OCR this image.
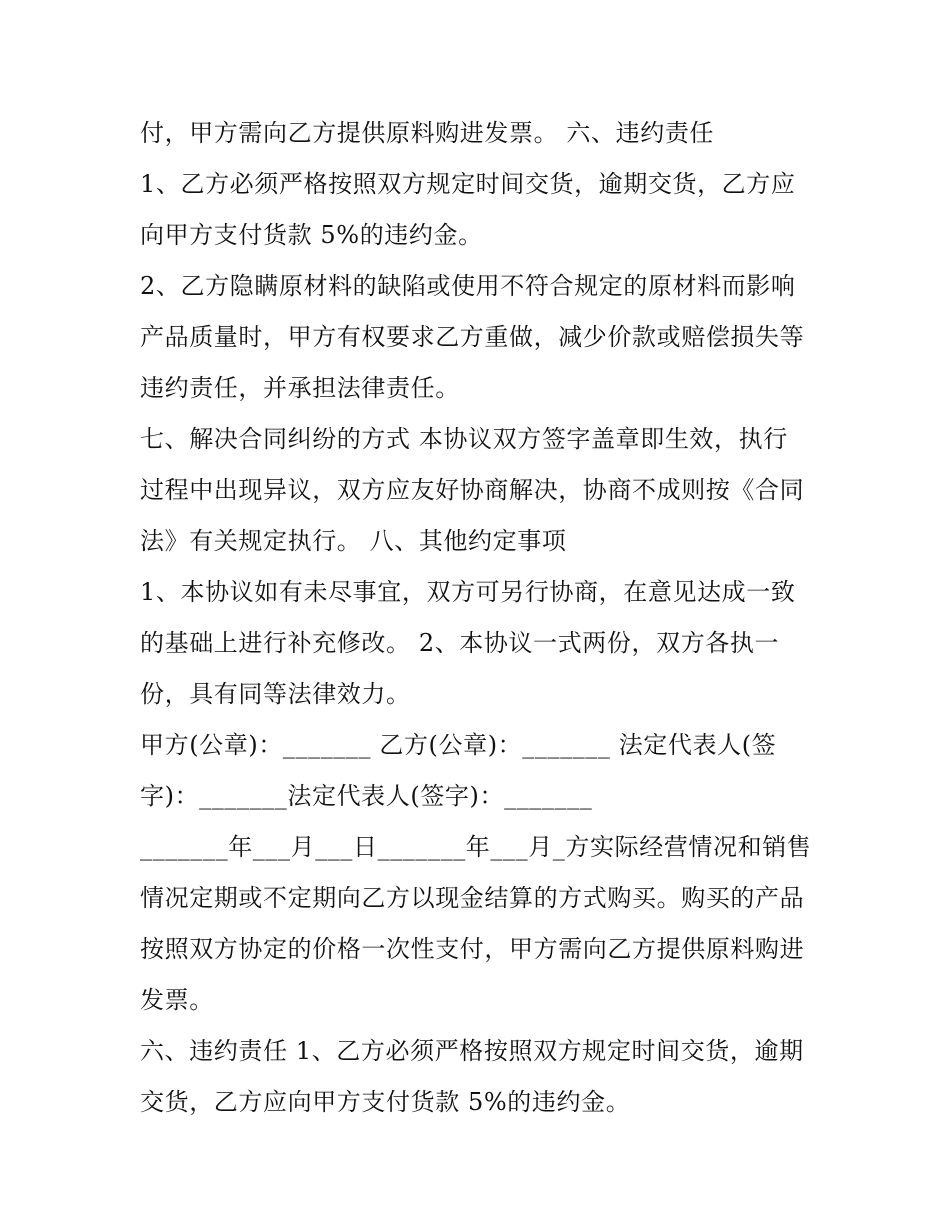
付，甲方需向乙方提供原料购进发票。 六、违约责任
1、乙方必须严格按照双方规定时间交货，逾期交货，乙方应
向甲方支付货款 5%的违约金。
2、乙方隐瞒原材料的缺陷或使用不符合规定的原材料而影响
产品质量时，甲方有权要求乙方重做，减少价款或赔偿损失等
违约责任，并承担法律责任。
七、解决合同纠纷的方式 本协议双方签字盖章即生效，执行
过程中出现异议，双方应友好协商解决，协商不成则按《合同
法》有关规定执行。 八、其他约定事项
1、本协议如有未尽事宜，双方可另行协商，在意见达成一致
的基础上进行补充修改。 2、本协议一式两份，双方各执一
份，具有同等法律效力。
甲方(公章)：_______ 乙方(公章)：_______ 法定代表人(签
字)：_______法定代表人(签字)：_______
_______年___月___日_______年___月_方实际经营情况和销售
情况定期或不定期向乙方以现金结算的方式购买。购买的产品
按照双方协定的价格一次性支付，甲方需向乙方提供原料购进
发票。
六、违约责任 1、乙方必须严格按照双方规定时间交货，逾期
交货，乙方应向甲方支付货款 5%的违约金。
